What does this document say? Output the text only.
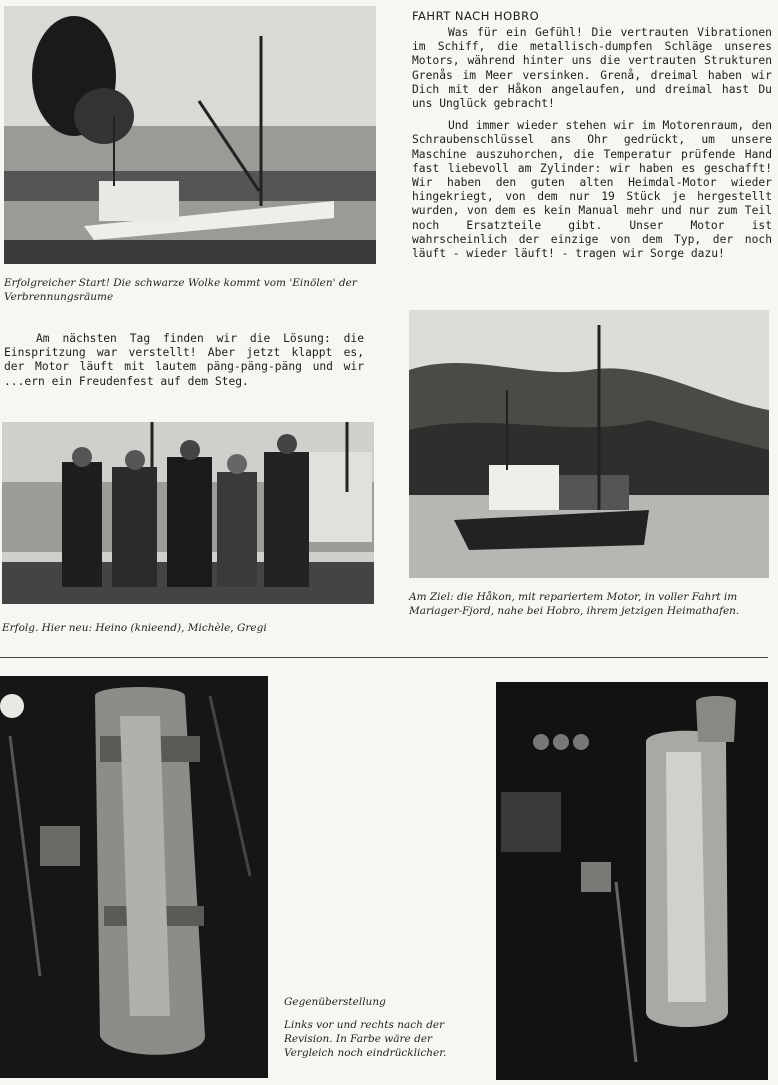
Erfolgreicher Start! Die schwarze Wolke kommt vom 'Einölen' der Verbrennungsräume
Am nächsten Tag finden wir die Lösung: die Einspritzung war verstellt! Aber jetzt klappt es, der Motor läuft mit lautem päng-päng-päng und wir ...ern ein Freudenfest auf dem Steg.
Erfolg. Hier neu: Heino (knieend), Michèle, Gregi
FAHRT NACH HOBRO

Was für ein Gefühl! Die vertrauten Vibrationen im Schiff, die metallisch-dumpfen Schläge unseres Motors, während hinter uns die vertrauten Strukturen Grenås im Meer versinken. Grenå, dreimal haben wir Dich mit der Håkon angelaufen, und dreimal hast Du uns Unglück gebracht!

Und immer wieder stehen wir im Motorenraum, den Schraubenschlüssel ans Ohr gedrückt, um unsere Maschine auszuhorchen, die Temperatur prüfende Hand fast liebevoll am Zylinder: wir haben es geschafft! Wir haben den guten alten Heimdal-Motor wieder hingekriegt, von dem nur 19 Stück je hergestellt wurden, von dem es kein Manual mehr und nur zum Teil noch Ersatzteile gibt. Unser Motor ist wahrscheinlich der einzige von dem Typ, der noch läuft - wieder läuft! - tragen wir Sorge dazu!

Am Ziel: die Håkon, mit repariertem Motor, in voller Fahrt im Mariager-Fjord, nahe bei Hobro, ihrem jetzigen Heimathafen.
Gegenüberstellung
Links vor und rechts nach der Revision. In Farbe wäre der Vergleich noch eindrücklicher.
